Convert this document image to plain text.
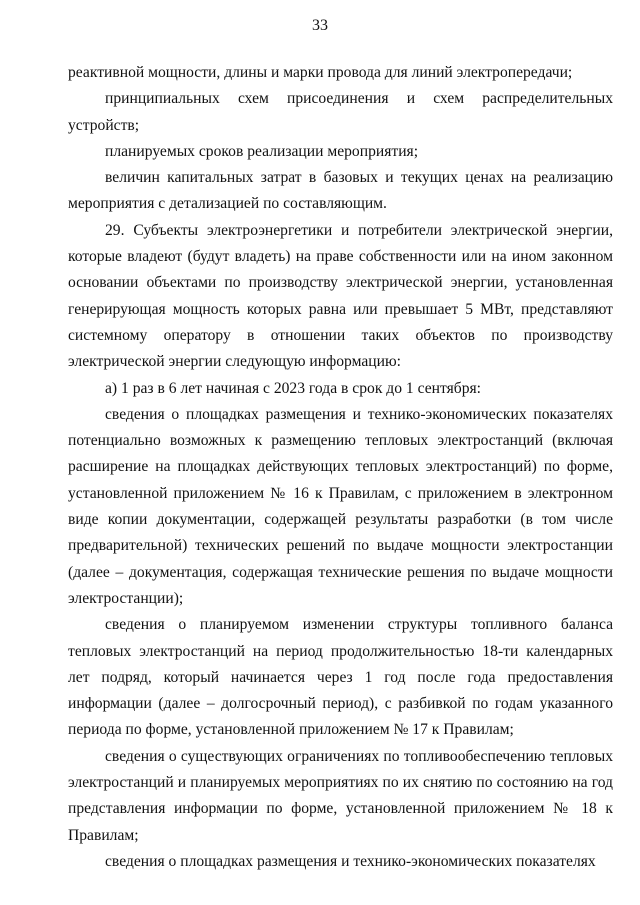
33

реактивной мощности, длины и марки провода для линий электропередачи;

принципиальных схем присоединения и схем распределительных устройств;

планируемых сроков реализации мероприятия;

величин капитальных затрат в базовых и текущих ценах на реализацию мероприятия с детализацией по составляющим.

29. Субъекты электроэнергетики и потребители электрической энергии, которые владеют (будут владеть) на праве собственности или на ином законном основании объектами по производству электрической энергии, установленная генерирующая мощность которых равна или превышает 5 МВт, представляют системному оператору в отношении таких объектов по производству электрической энергии следующую информацию:

а) 1 раз в 6 лет начиная с 2023 года в срок до 1 сентября:

сведения о площадках размещения и технико-экономических показателях потенциально возможных к размещению тепловых электростанций (включая расширение на площадках действующих тепловых электростанций) по форме, установленной приложением № 16 к Правилам, с приложением в электронном виде копии документации, содержащей результаты разработки (в том числе предварительной) технических решений по выдаче мощности электростанции (далее – документация, содержащая технические решения по выдаче мощности электростанции);

сведения о планируемом изменении структуры топливного баланса тепловых электростанций на период продолжительностью 18-ти календарных лет подряд, который начинается через 1 год после года предоставления информации (далее – долгосрочный период), с разбивкой по годам указанного периода по форме, установленной приложением № 17 к Правилам;

сведения о существующих ограничениях по топливообеспечению тепловых электростанций и планируемых мероприятиях по их снятию по состоянию на год представления информации по форме, установленной приложением № 18 к Правилам;

сведения о площадках размещения и технико-экономических показателях
